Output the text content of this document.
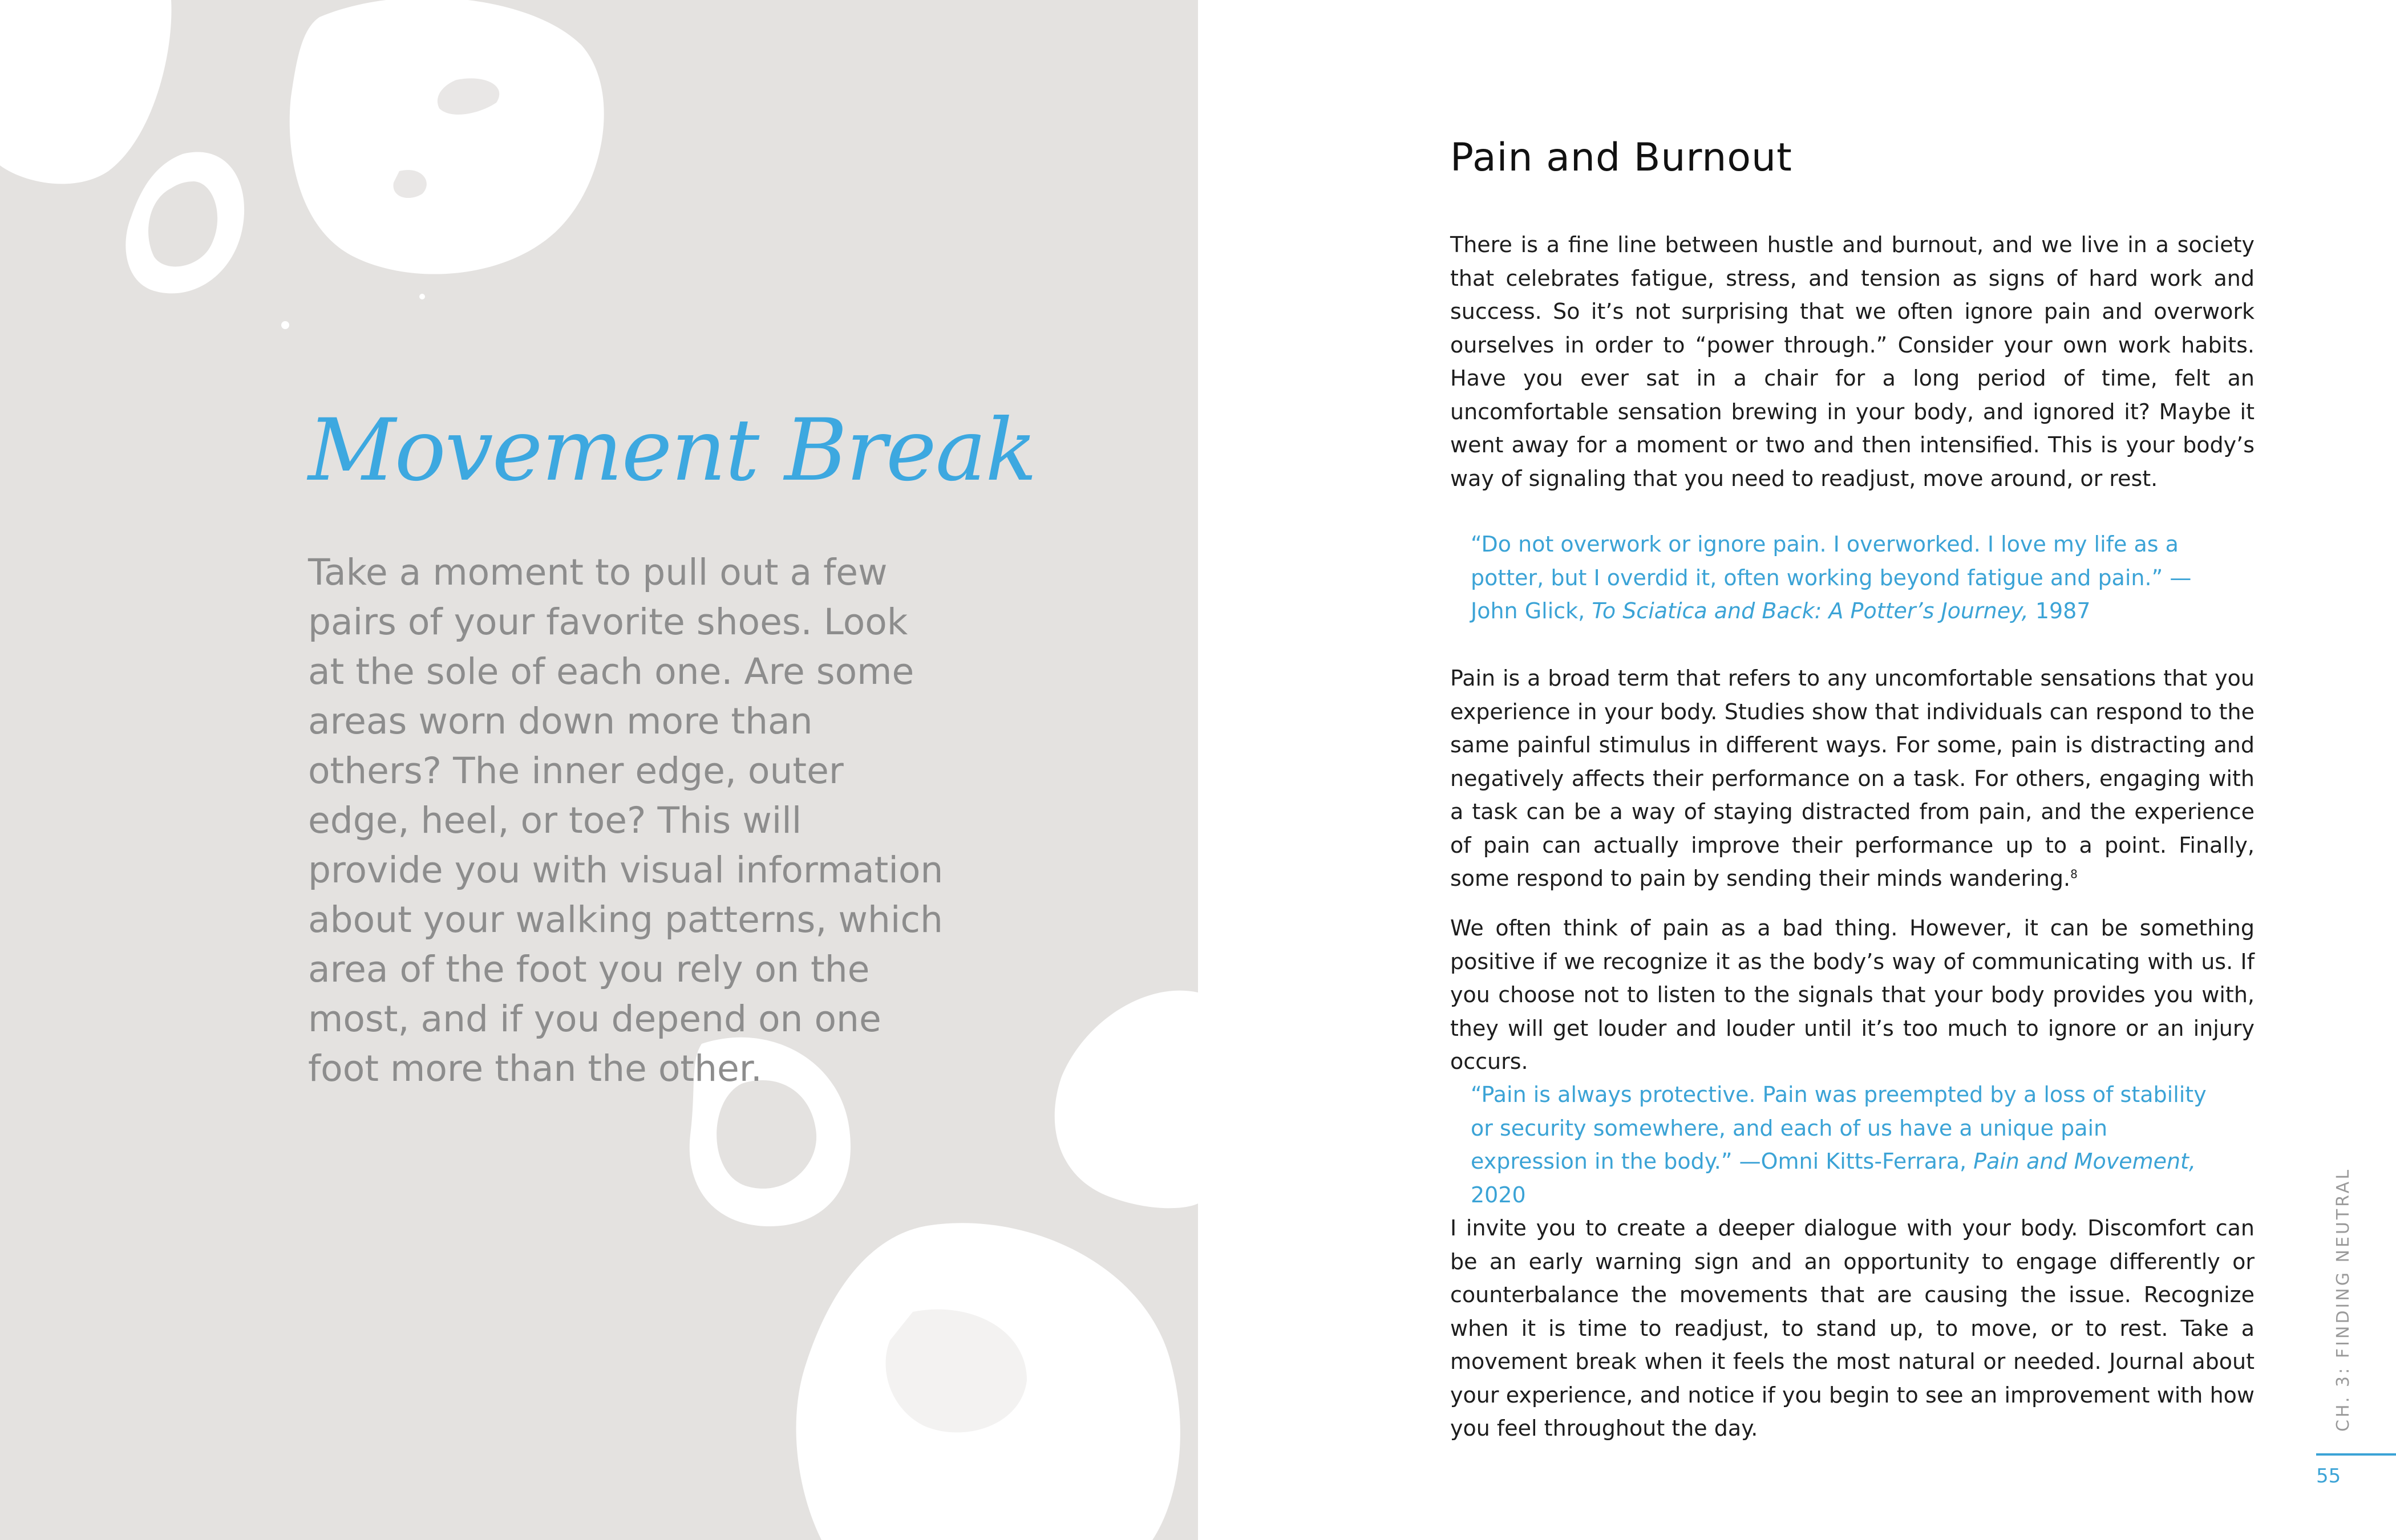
Movement Break

Take a moment to pull out a few pairs of your favorite shoes. Look at the sole of each one. Are some areas worn down more than others? The inner edge, outer edge, heel, or toe? This will provide you with visual information about your walking patterns, which area of the foot you rely on the most, and if you depend on one foot more than the other.

Pain and Burnout

There is a fine line between hustle and burnout, and we live in a society that celebrates fatigue, stress, and tension as signs of hard work and success. So it’s not surprising that we often ignore pain and overwork ourselves in order to “power through.” Consider your own work habits. Have you ever sat in a chair for a long period of time, felt an uncomfortable sensation brewing in your body, and ignored it? Maybe it went away for a moment or two and then intensified. This is your body’s way of signaling that you need to readjust, move around, or rest.

“Do not overwork or ignore pain. I overworked. I love my life as a potter, but I overdid it, often working beyond fatigue and pain.” —John Glick, To Sciatica and Back: A Potter’s Journey, 1987

Pain is a broad term that refers to any uncomfortable sensations that you experience in your body. Studies show that individuals can respond to the same painful stimulus in different ways. For some, pain is distracting and negatively affects their performance on a task. For others, engaging with a task can be a way of staying distracted from pain, and the experience of pain can actually improve their performance up to a point. Finally, some respond to pain by sending their minds wandering.$^8$

We often think of pain as a bad thing. However, it can be something positive if we recognize it as the body’s way of communicating with us. If you choose not to listen to the signals that your body provides you with, they will get louder and louder until it’s too much to ignore or an injury occurs.

“Pain is always protective. Pain was preempted by a loss of stability or security somewhere, and each of us have a unique pain expression in the body.” —Omni Kitts-Ferrara, Pain and Movement, 2020

I invite you to create a deeper dialogue with your body. Discomfort can be an early warning sign and an opportunity to engage differently or counterbalance the movements that are causing the issue. Recognize when it is time to readjust, to stand up, to move, or to rest. Take a movement break when it feels the most natural or needed. Journal about your experience, and notice if you begin to see an improvement with how you feel throughout the day.	CH. 3: FINDING NEUTRAL
55
